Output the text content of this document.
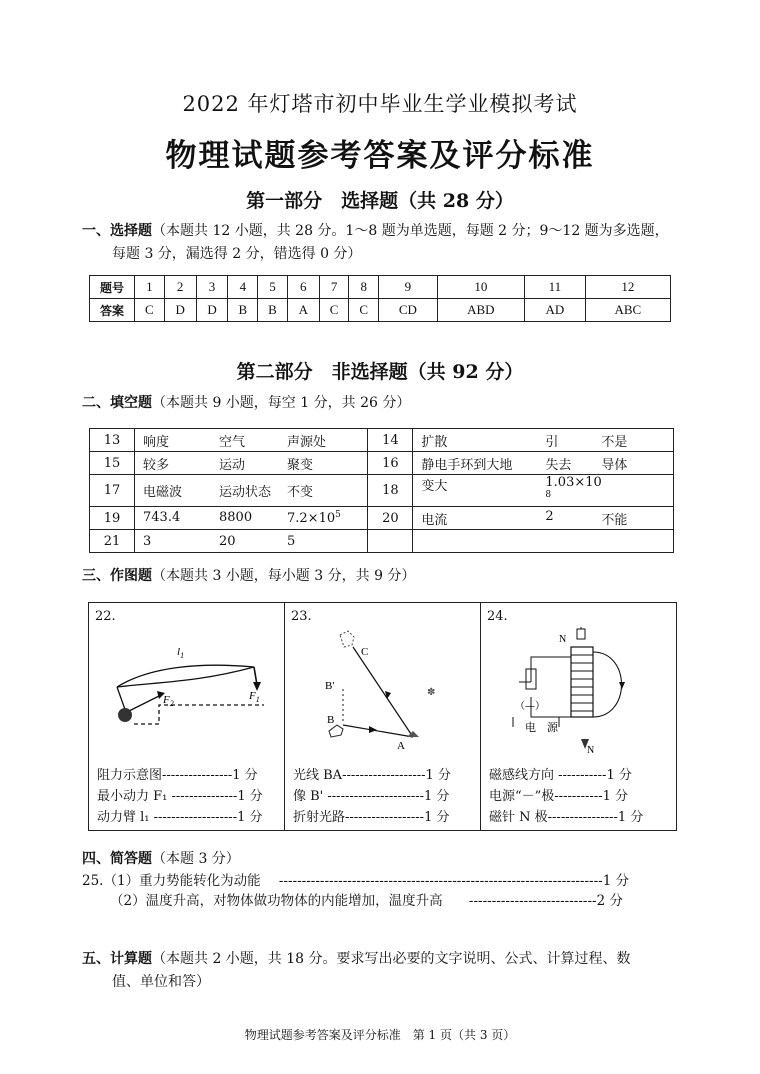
2022 年灯塔市初中毕业生学业模拟考试
物理试题参考答案及评分标准
第一部分　选择题（共 28 分）
一、选择题（本题共 12 小题，共 28 分。1～8 题为单选题，每题 2 分；9～12 题为多选题，
每题 3 分，漏选得 2 分，错选得 0 分）
题号	1	2	3	4	5	6	7	8	9	10	11	12
答案	C	D	D	B	B	A	C	C	CD	ABD	AD	ABC
第二部分　非选择题（共 92 分）
二、填空题（本题共 9 小题，每空 1 分，共 26 分）
13	响度 空气 声源处	14	扩散 引 不是

15	较多 运动 聚变	16	静电手环到大地 失去 导体

17	电磁波 运动状态 不变	18	变大 1.03×108

19	743.4 8800 7.2×105	20	电流 2 不能

21	3 20 5		

三、作图题（本题共 3 小题，每小题 3 分，共 9 分）
22.
$l_1$
$F_1$
$F_2$
阻力示意图----------------1 分
最小动力 F₁ ---------------1 分
动力臂 l₁ -------------------1 分
23.
✽
C
B'
B
A
光线 BA-------------------1 分
像 B' ----------------------1 分
折射光路------------------1 分
24.
N
（—）
电　源
N
磁感线方向 -----------1 分
电源“－”极-----------1 分
磁针 N 极----------------1 分
四、简答题（本题 3 分）
25.（1）重力势能转化为动能 -----------------------------------------------------------------------1 分
（2）温度升高，对物体做功物体的内能增加，温度升高 ----------------------------2 分
五、计算题（本题共 2 小题，共 18 分。要求写出必要的文字说明、公式、计算过程、数
值、单位和答）
物理试题参考答案及评分标准　第 1 页（共 3 页）
